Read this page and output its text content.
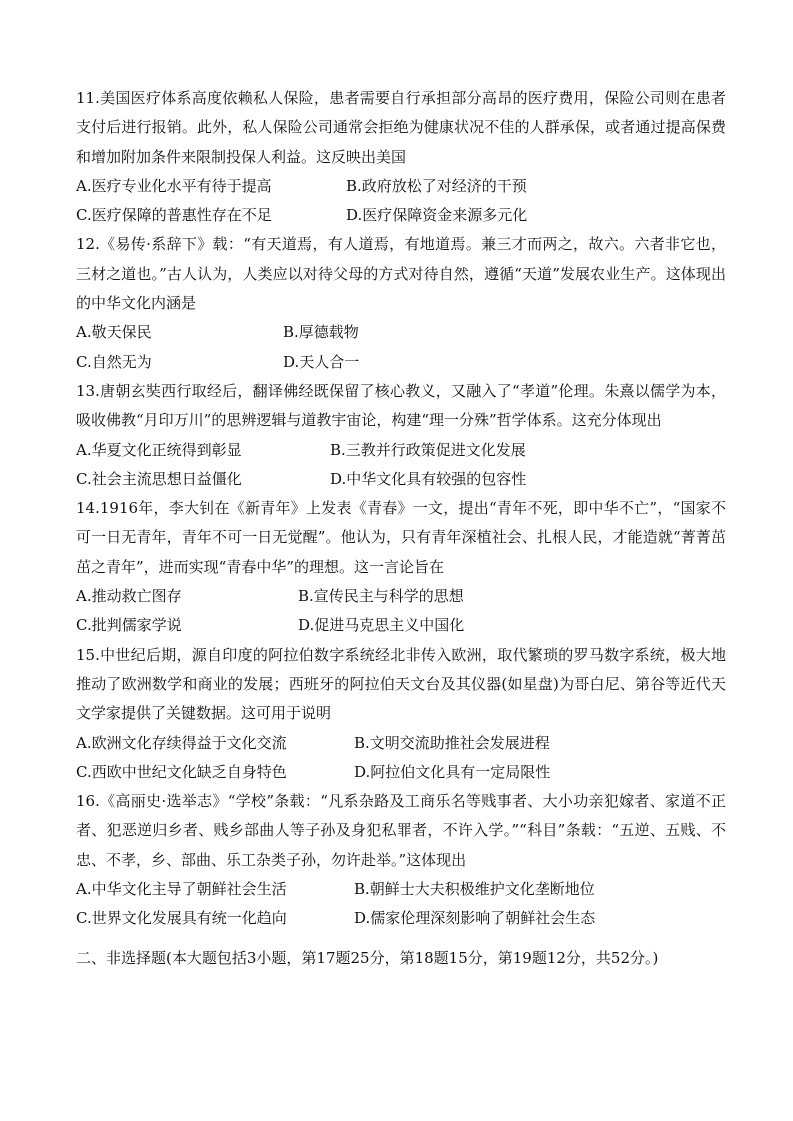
11.美国医疗体系高度依赖私人保险，患者需要自行承担部分高昂的医疗费用，保险公司则在患者支付后进行报销。此外，私人保险公司通常会拒绝为健康状况不佳的人群承保，或者通过提高保费和增加附加条件来限制投保人利益。这反映出美国

A.医疗专业化水平有待于提高	B.政府放松了对经济的干预
C.医疗保障的普惠性存在不足	D.医疗保障资金来源多元化

12.《易传·系辞下》载：“有天道焉，有人道焉，有地道焉。兼三才而两之，故六。六者非它也，三材之道也。”古人认为，人类应以对待父母的方式对待自然，遵循“天道”发展农业生产。这体现出的中华文化内涵是

A.敬天保民	B.厚德载物
C.自然无为	D.天人合一

13.唐朝玄奘西行取经后，翻译佛经既保留了核心教义，又融入了“孝道”伦理。朱熹以儒学为本，吸收佛教“月印万川”的思辨逻辑与道教宇宙论，构建“理一分殊”哲学体系。这充分体现出

A.华夏文化正统得到彰显	B.三教并行政策促进文化发展
C.社会主流思想日益僵化	D.中华文化具有较强的包容性

14.1916年，李大钊在《新青年》上发表《青春》一文，提出“青年不死，即中华不亡”，“国家不可一日无青年，青年不可一日无觉醒”。他认为，只有青年深植社会、扎根人民，才能造就“菁菁茁茁之青年”，进而实现“青春中华”的理想。这一言论旨在

A.推动救亡图存	B.宣传民主与科学的思想
C.批判儒家学说	D.促进马克思主义中国化

15.中世纪后期，源自印度的阿拉伯数字系统经北非传入欧洲，取代繁琐的罗马数字系统，极大地推动了欧洲数学和商业的发展；西班牙的阿拉伯天文台及其仪器(如星盘)为哥白尼、第谷等近代天文学家提供了关键数据。这可用于说明

A.欧洲文化存续得益于文化交流	B.文明交流助推社会发展进程
C.西欧中世纪文化缺乏自身特色	D.阿拉伯文化具有一定局限性

16.《高丽史·选举志》“学校”条载：“凡系杂路及工商乐名等贱事者、大小功亲犯嫁者、家道不正者、犯恶逆归乡者、贱乡部曲人等子孙及身犯私罪者，不许入学。”“科目”条载：“五逆、五贱、不忠、不孝，乡、部曲、乐工杂类子孙，勿许赴举。”这体现出

A.中华文化主导了朝鲜社会生活	B.朝鲜士大夫积极维护文化垄断地位
C.世界文化发展具有统一化趋向	D.儒家伦理深刻影响了朝鲜社会生态
二、非选择题(本大题包括3小题，第17题25分，第18题15分，第19题12分，共52分。)
